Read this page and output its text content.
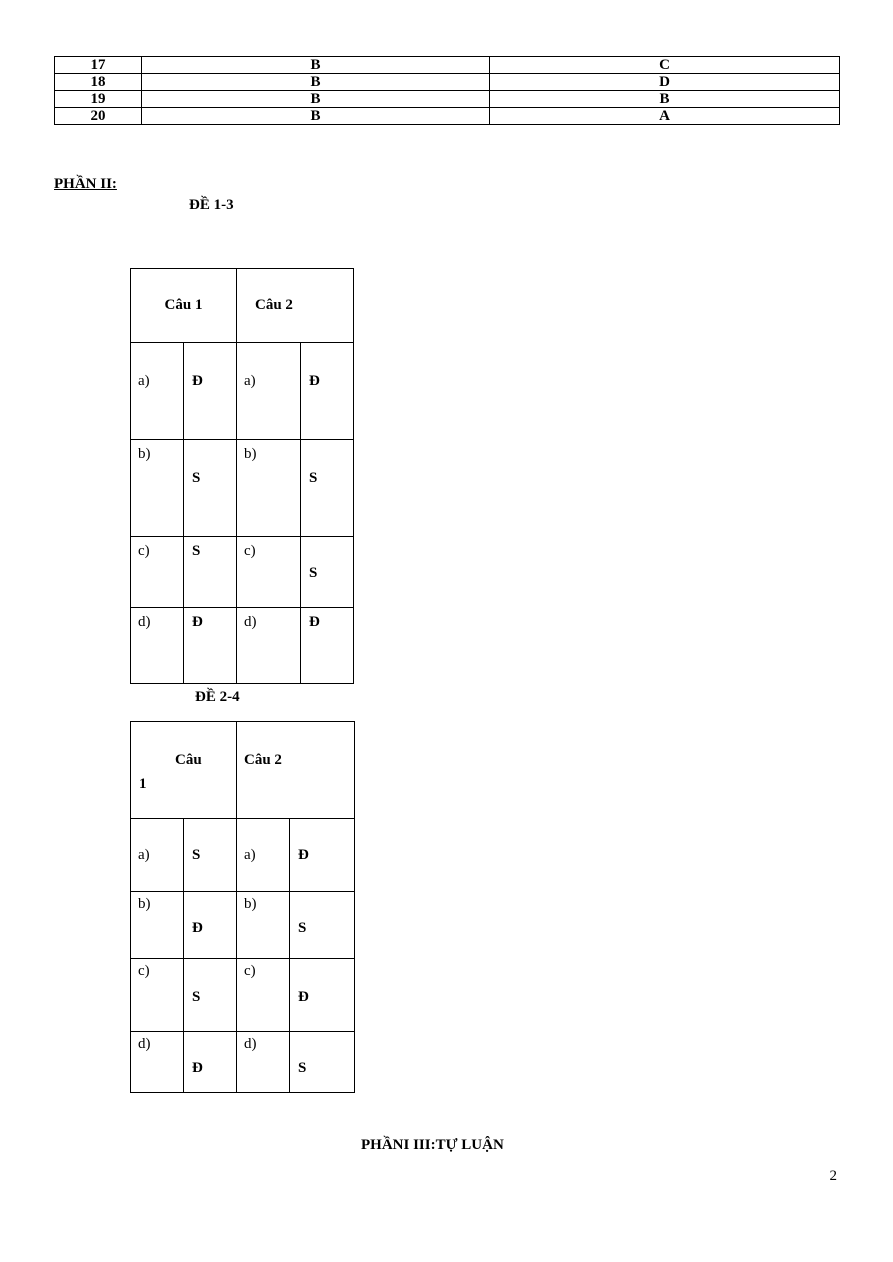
17	B	C
18	B	D
19	B	B
20	B	A
PHẦN II:
ĐỀ 1-3
Câu 1		Câu 2	

a)	Đ	a)	Đ

b)	S	b)	S

c)	S	c)	S

d)	Đ	d)	Đ
ĐỀ 2-4
Câu
1		Câu 2	

a)	S	a)	Đ

b)	Đ	b)	S

c)	S	c)	Đ

d)	Đ	d)	S
PHẦNI III:TỰ LUẬN
2
